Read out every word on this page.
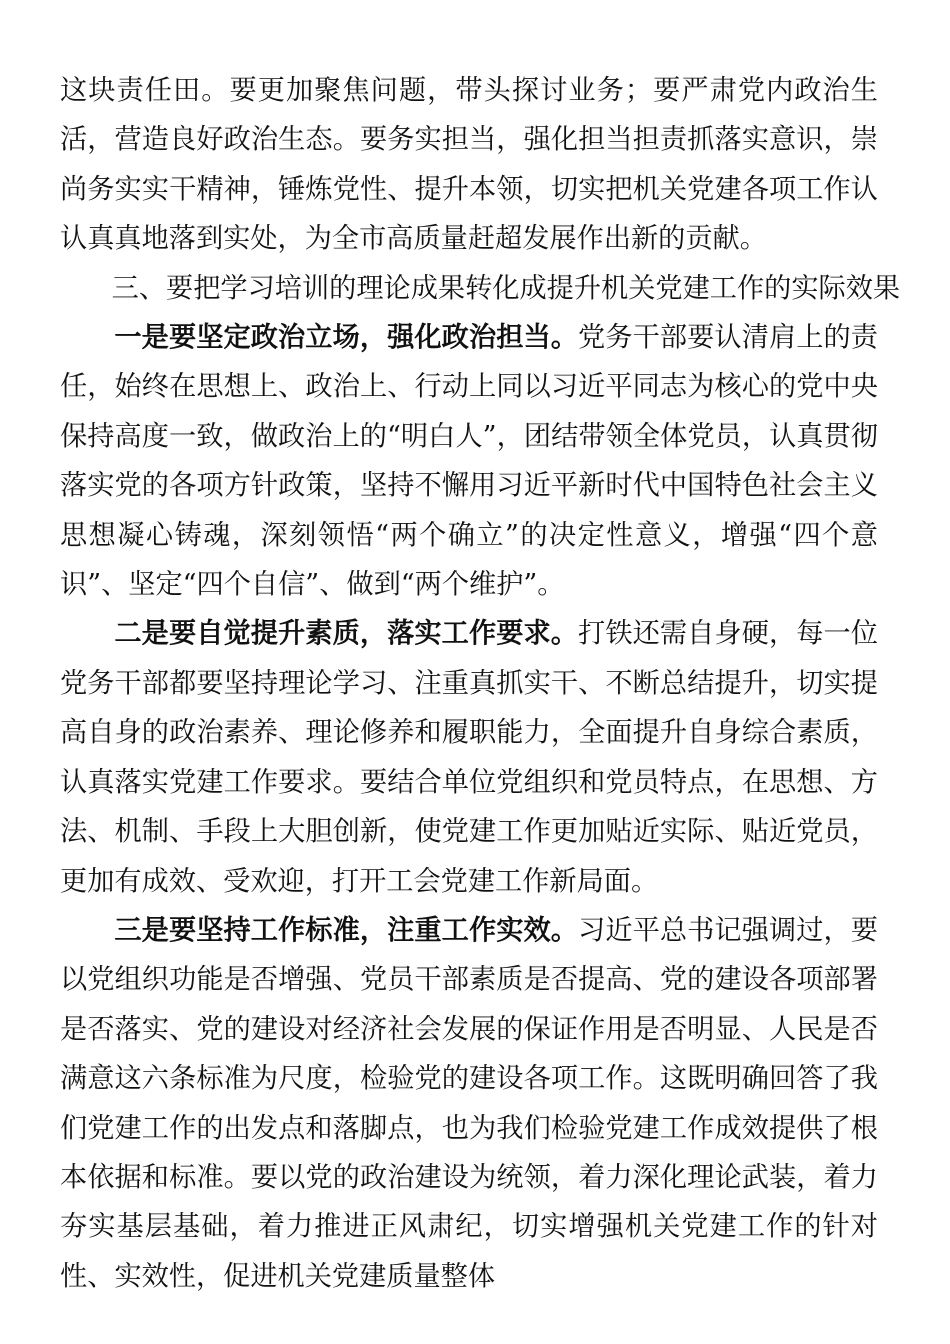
这块责任田。要更加聚焦问题，带头探讨业务；要严肃党内政治生活，营造良好政治生态。要务实担当，强化担当担责抓落实意识，崇尚务实实干精神，锤炼党性、提升本领，切实把机关党建各项工作认认真真地落到实处，为全市高质量赶超发展作出新的贡献。

三、要把学习培训的理论成果转化成提升机关党建工作的实际效果

一是要坚定政治立场，强化政治担当。党务干部要认清肩上的责任，始终在思想上、政治上、行动上同以习近平同志为核心的党中央保持高度一致，做政治上的“明白人”，团结带领全体党员，认真贯彻落实党的各项方针政策，坚持不懈用习近平新时代中国特色社会主义思想凝心铸魂，深刻领悟“两个确立”的决定性意义，增强“四个意识”、坚定“四个自信”、做到“两个维护”。

二是要自觉提升素质，落实工作要求。打铁还需自身硬，每一位党务干部都要坚持理论学习、注重真抓实干、不断总结提升，切实提高自身的政治素养、理论修养和履职能力，全面提升自身综合素质，认真落实党建工作要求。要结合单位党组织和党员特点，在思想、方法、机制、手段上大胆创新，使党建工作更加贴近实际、贴近党员，更加有成效、受欢迎，打开工会党建工作新局面。

三是要坚持工作标准，注重工作实效。习近平总书记强调过，要以党组织功能是否增强、党员干部素质是否提高、党的建设各项部署是否落实、党的建设对经济社会发展的保证作用是否明显、人民是否满意这六条标准为尺度，检验党的建设各项工作。这既明确回答了我们党建工作的出发点和落脚点，也为我们检验党建工作成效提供了根本依据和标准。要以党的政治建设为统领，着力深化理论武装，着力夯实基层基础，着力推进正风肃纪，切实增强机关党建工作的针对性、实效性，促进机关党建质量整体
